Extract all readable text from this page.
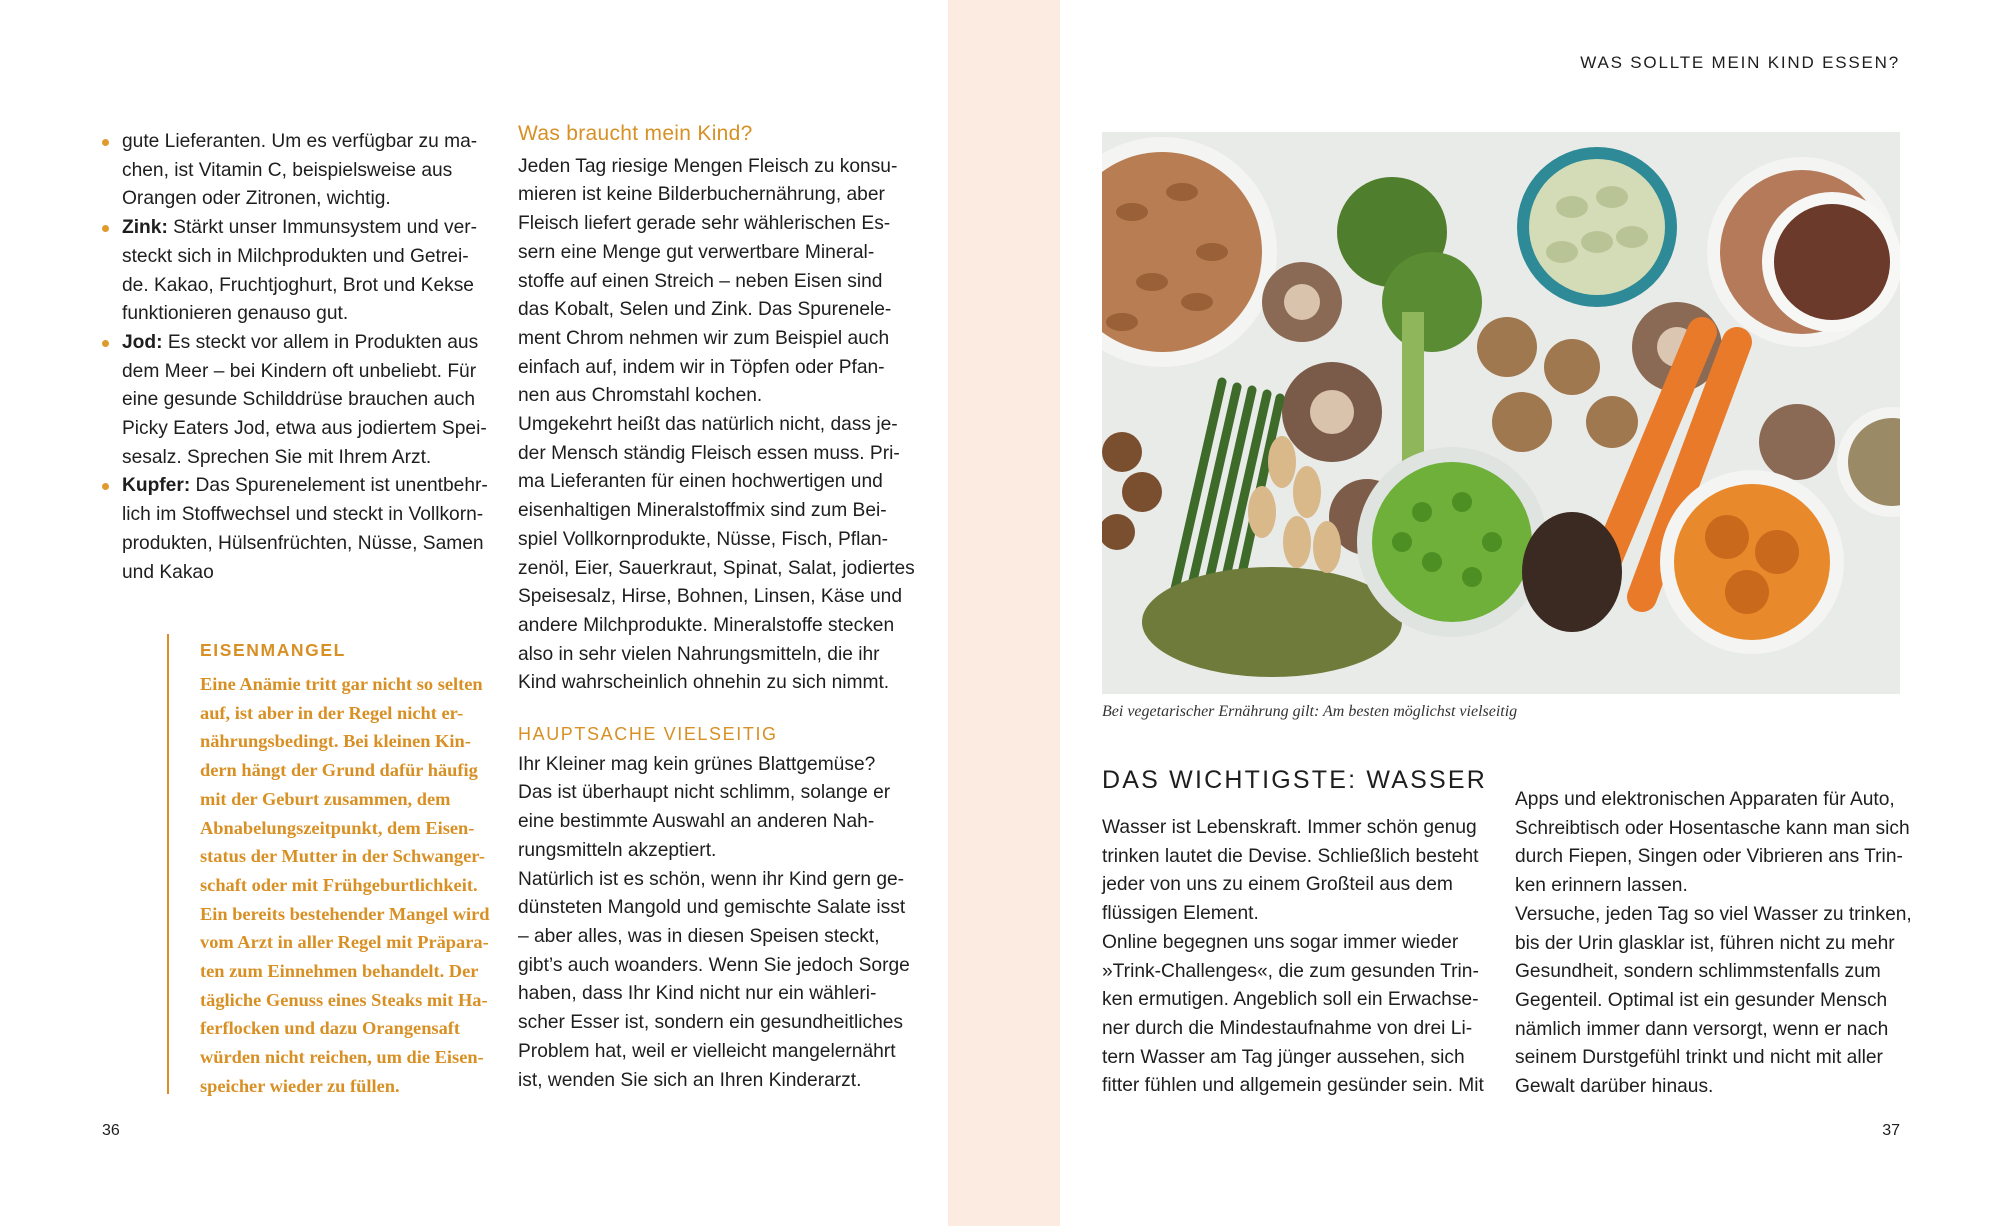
WAS SOLLTE MEIN KIND ESSEN?
gute Lieferanten. Um es verfügbar zu ma-
chen, ist Vitamin C, beispielsweise aus
Orangen oder Zitronen, wichtig.
Zink: Stärkt unser Immunsystem und ver-
steckt sich in Milchprodukten und Getrei-
de. Kakao, Fruchtjoghurt, Brot und Kekse
funktionieren genauso gut.
Jod: Es steckt vor allem in Produkten aus
dem Meer – bei Kindern oft unbeliebt. Für
eine gesunde Schilddrüse brauchen auch
Picky Eaters Jod, etwa aus jodiertem Spei-
sesalz. Sprechen Sie mit Ihrem Arzt.
Kupfer: Das Spurenelement ist unentbehr-
lich im Stoffwechsel und steckt in Vollkorn-
produkten, Hülsenfrüchten, Nüsse, Samen
und Kakao
EISENMANGEL
Eine Anämie tritt gar nicht so selten
auf, ist aber in der Regel nicht er-
nährungsbedingt. Bei kleinen Kin-
dern hängt der Grund dafür häufig
mit der Geburt zusammen, dem
Abnabelungszeitpunkt, dem Eisen-
status der Mutter in der Schwanger-
schaft oder mit Frühgeburtlichkeit.
Ein bereits bestehender Mangel wird
vom Arzt in aller Regel mit Präpara-
ten zum Einnehmen behandelt. Der
tägliche Genuss eines Steaks mit Ha-
ferflocken und dazu Orangensaft
würden nicht reichen, um die Eisen-
speicher wieder zu füllen.
Was braucht mein Kind?
Jeden Tag riesige Mengen Fleisch zu konsu-
mieren ist keine Bilderbuchernährung, aber
Fleisch liefert gerade sehr wählerischen Es-
sern eine Menge gut verwertbare Mineral-
stoffe auf einen Streich – neben Eisen sind
das Kobalt, Selen und Zink. Das Spurenele-
ment Chrom nehmen wir zum Beispiel auch
einfach auf, indem wir in Töpfen oder Pfan-
nen aus Chromstahl kochen.
Umgekehrt heißt das natürlich nicht, dass je-
der Mensch ständig Fleisch essen muss. Pri-
ma Lieferanten für einen hochwertigen und
eisenhaltigen Mineralstoffmix sind zum Bei-
spiel Vollkornprodukte, Nüsse, Fisch, Pflan-
zenöl, Eier, Sauerkraut, Spinat, Salat, jodiertes
Speisesalz, Hirse, Bohnen, Linsen, Käse und
andere Milchprodukte. Mineralstoffe stecken
also in sehr vielen Nahrungsmitteln, die ihr
Kind wahrscheinlich ohnehin zu sich nimmt.
HAUPTSACHE VIELSEITIG
Ihr Kleiner mag kein grünes Blattgemüse?
Das ist überhaupt nicht schlimm, solange er
eine bestimmte Auswahl an anderen Nah-
rungsmitteln akzeptiert.
Natürlich ist es schön, wenn ihr Kind gern ge-
dünsteten Mangold und gemischte Salate isst
– aber alles, was in diesen Speisen steckt,
gibt’s auch woanders. Wenn Sie jedoch Sorge
haben, dass Ihr Kind nicht nur ein wähleri-
scher Esser ist, sondern ein gesundheitliches
Problem hat, weil er vielleicht mangelernährt
ist, wenden Sie sich an Ihren Kinderarzt.
Bei vegetarischer Ernährung gilt: Am besten möglichst vielseitig
DAS WICHTIGSTE: WASSER
Wasser ist Lebenskraft. Immer schön genug
trinken lautet die Devise. Schließlich besteht
jeder von uns zu einem Großteil aus dem
flüssigen Element.
Online begegnen uns sogar immer wieder
»Trink-Challenges«, die zum gesunden Trin-
ken ermutigen. Angeblich soll ein Erwachse-
ner durch die Mindestaufnahme von drei Li-
tern Wasser am Tag jünger aussehen, sich
fitter fühlen und allgemein gesünder sein. Mit
Apps und elektronischen Apparaten für Auto,
Schreibtisch oder Hosentasche kann man sich
durch Fiepen, Singen oder Vibrieren ans Trin-
ken erinnern lassen.
Versuche, jeden Tag so viel Wasser zu trinken,
bis der Urin glasklar ist, führen nicht zu mehr
Gesundheit, sondern schlimmstenfalls zum
Gegenteil. Optimal ist ein gesunder Mensch
nämlich immer dann versorgt, wenn er nach
seinem Durstgefühl trinkt und nicht mit aller
Gewalt darüber hinaus.
36	37
